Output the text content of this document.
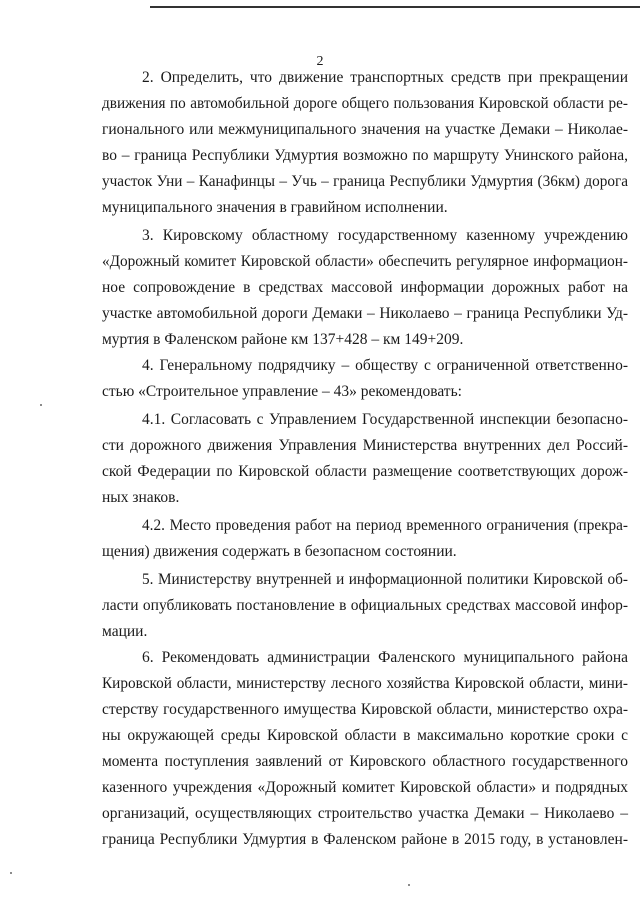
2
2. Определить, что движение транспортных средств при прекращении
движения по автомобильной дороге общего пользования Кировской области ре-
гионального или межмуниципального значения на участке Демаки – Николае-
во – граница Республики Удмуртия возможно по маршруту Унинского района,
участок Уни – Канафинцы – Учь – граница Республики Удмуртия (36км) дорога
муниципального значения в гравийном исполнении.
3. Кировскому областному государственному казенному учреждению
«Дорожный комитет Кировской области» обеспечить регулярное информацион-
ное сопровождение в средствах массовой информации дорожных работ на
участке автомобильной дороги Демаки – Николаево – граница Республики Уд-
муртия в Фаленском районе км 137+428 – км 149+209.
4. Генеральному подрядчику – обществу с ограниченной ответственно-
стью «Строительное управление – 43» рекомендовать:
4.1. Согласовать с Управлением Государственной инспекции безопасно-
сти дорожного движения Управления Министерства внутренних дел Россий-
ской Федерации по Кировской области размещение соответствующих дорож-
ных знаков.
4.2. Место проведения работ на период временного ограничения (прекра-
щения) движения содержать в безопасном состоянии.
5. Министерству внутренней и информационной политики Кировской об-
ласти опубликовать постановление в официальных средствах массовой инфор-
мации.
6. Рекомендовать администрации Фаленского муниципального района
Кировской области, министерству лесного хозяйства Кировской области, мини-
стерству государственного имущества Кировской области, министерство охра-
ны окружающей среды Кировской области в максимально короткие сроки с
момента поступления заявлений от Кировского областного государственного
казенного учреждения «Дорожный комитет Кировской области» и подрядных
организаций, осуществляющих строительство участка Демаки – Николаево –
граница Республики Удмуртия в Фаленском районе в 2015 году, в установлен-
